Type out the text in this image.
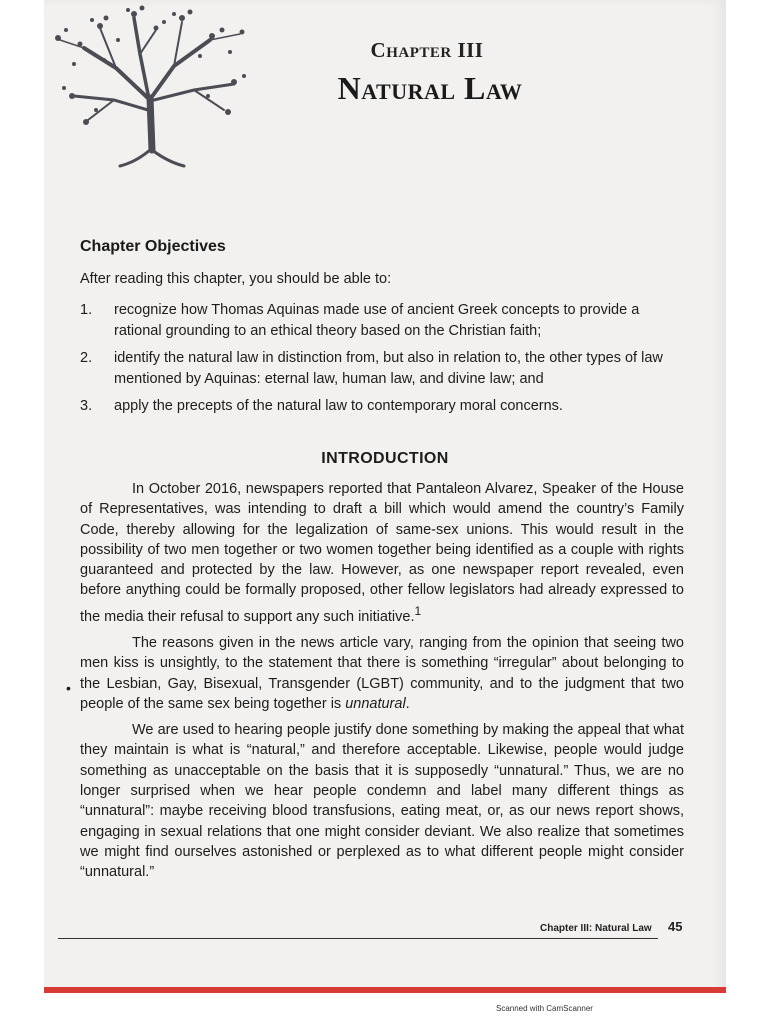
Chapter III
Natural Law
Chapter Objectives
After reading this chapter, you should be able to:
1. recognize how Thomas Aquinas made use of ancient Greek concepts to provide a rational grounding to an ethical theory based on the Christian faith;
2. identify the natural law in distinction from, but also in relation to, the other types of law mentioned by Aquinas: eternal law, human law, and divine law; and
3. apply the precepts of the natural law to contemporary moral concerns.
INTRODUCTION

In October 2016, newspapers reported that Pantaleon Alvarez, Speaker of the House of Representatives, was intending to draft a bill which would amend the country’s Family Code, thereby allowing for the legalization of same-sex unions. This would result in the possibility of two men together or two women together being identified as a couple with rights guaranteed and protected by the law. However, as one newspaper report revealed, even before anything could be formally proposed, other fellow legislators had already expressed to the media their refusal to support any such initiative.$^1$

The reasons given in the news article vary, ranging from the opinion that seeing two men kiss is unsightly, to the statement that there is something “irregular” about belonging to the Lesbian, Gay, Bisexual, Transgender (LGBT) community, and to the judgment that two people of the same sex being together is unnatural.

We are used to hearing people justify done something by making the appeal that what they maintain is what is “natural,” and therefore acceptable. Likewise, people would judge something as unacceptable on the basis that it is supposedly “unnatural.” Thus, we are no longer surprised when we hear people condemn and label many different things as “unnatural”: maybe receiving blood transfusions, eating meat, or, as our news report shows, engaging in sexual relations that one might consider deviant. We also realize that sometimes we might find ourselves astonished or perplexed as to what different people might consider “unnatural.”

•
Chapter III: Natural Law 45
Scanned with CamScanner
